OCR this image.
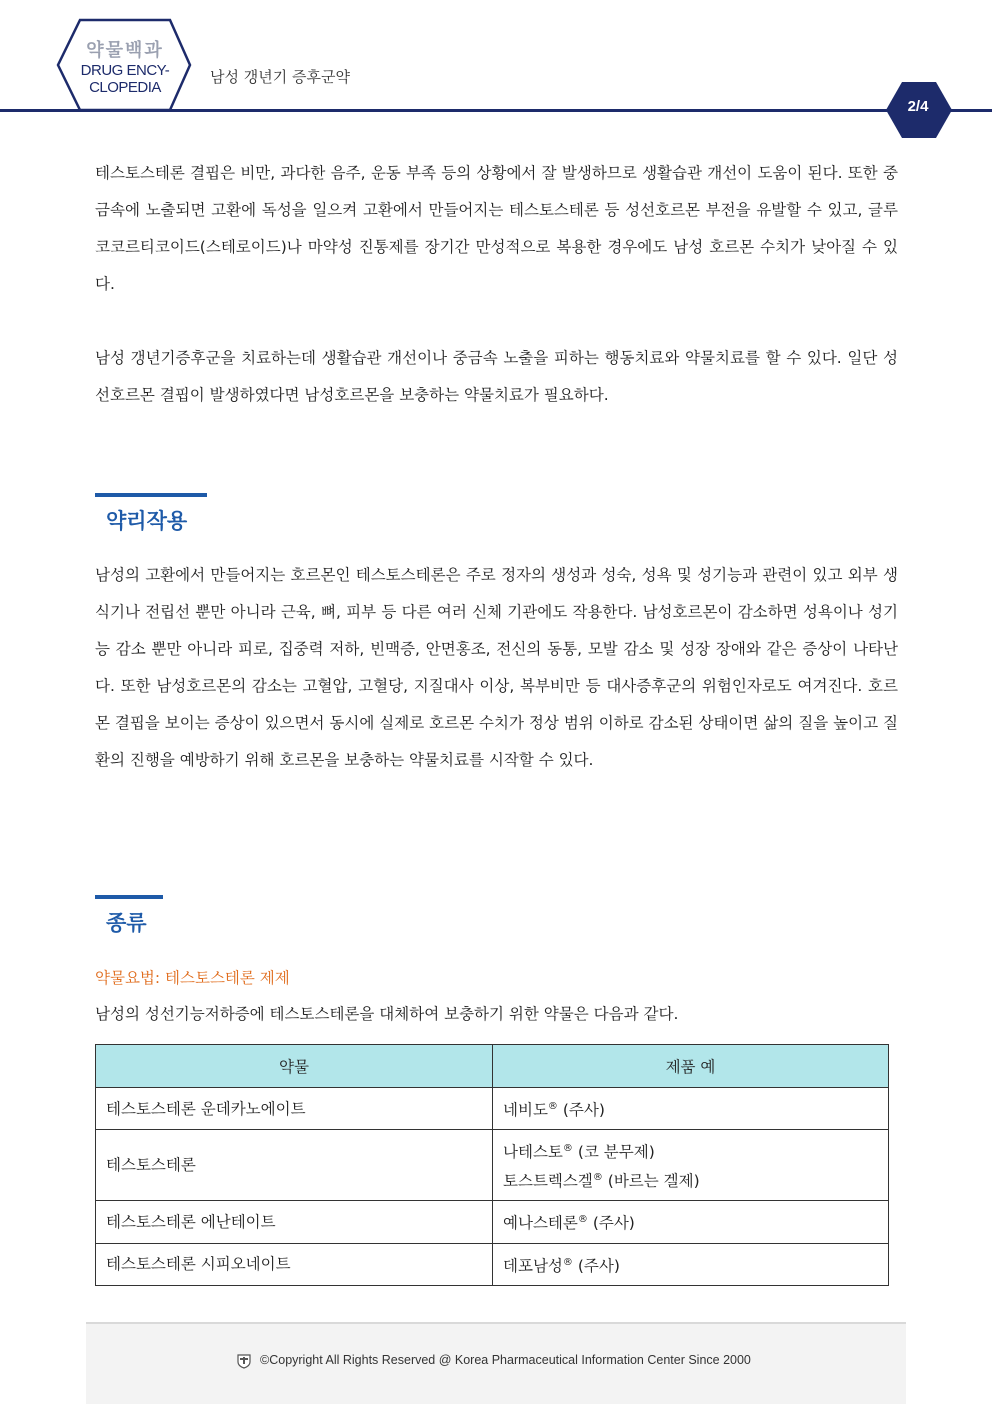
약물백과
DRUG ENCY-
CLOPEDIA
남성 갱년기 증후군약
2/4

테스토스테론 결핍은 비만, 과다한 음주, 운동 부족 등의 상황에서 잘 발생하므로 생활습관 개선이 도움이 된다. 또한 중금속에 노출되면 고환에 독성을 일으켜 고환에서 만들어지는 테스토스테론 등 성선호르몬 부전을 유발할 수 있고, 글루코코르티코이드(스테로이드)나 마약성 진통제를 장기간 만성적으로 복용한 경우에도 남성 호르몬 수치가 낮아질 수 있다.

남성 갱년기증후군을 치료하는데 생활습관 개선이나 중금속 노출을 피하는 행동치료와 약물치료를 할 수 있다. 일단 성선호르몬 결핍이 발생하였다면 남성호르몬을 보충하는 약물치료가 필요하다.

약리작용

남성의 고환에서 만들어지는 호르몬인 테스토스테론은 주로 정자의 생성과 성숙, 성욕 및 성기능과 관련이 있고 외부 생식기나 전립선 뿐만 아니라 근육, 뼈, 피부 등 다른 여러 신체 기관에도 작용한다. 남성호르몬이 감소하면 성욕이나 성기능 감소 뿐만 아니라 피로, 집중력 저하, 빈맥증, 안면홍조, 전신의 동통, 모발 감소 및 성장 장애와 같은 증상이 나타난다. 또한 남성호르몬의 감소는 고혈압, 고혈당, 지질대사 이상, 복부비만 등 대사증후군의 위험인자로도 여겨진다. 호르몬 결핍을 보이는 증상이 있으면서 동시에 실제로 호르몬 수치가 정상 범위 이하로 감소된 상태이면 삶의 질을 높이고 질환의 진행을 예방하기 위해 호르몬을 보충하는 약물치료를 시작할 수 있다.

종류
약물요법: 테스토스테론 제제
남성의 성선기능저하증에 테스토스테론을 대체하여 보충하기 위한 약물은 다음과 같다.
약물	제품 예
테스토스테론 운데카노에이트	네비도® (주사)
테스토스테론	나테스토® (코 분무제)
토스트렉스겔® (바르는 겔제)

테스토스테론 에난테이트	예나스테론® (주사)
테스토스테론 시피오네이트	데포남성® (주사)
©Copyright All Rights Reserved @ Korea Pharmaceutical Information Center Since 2000
